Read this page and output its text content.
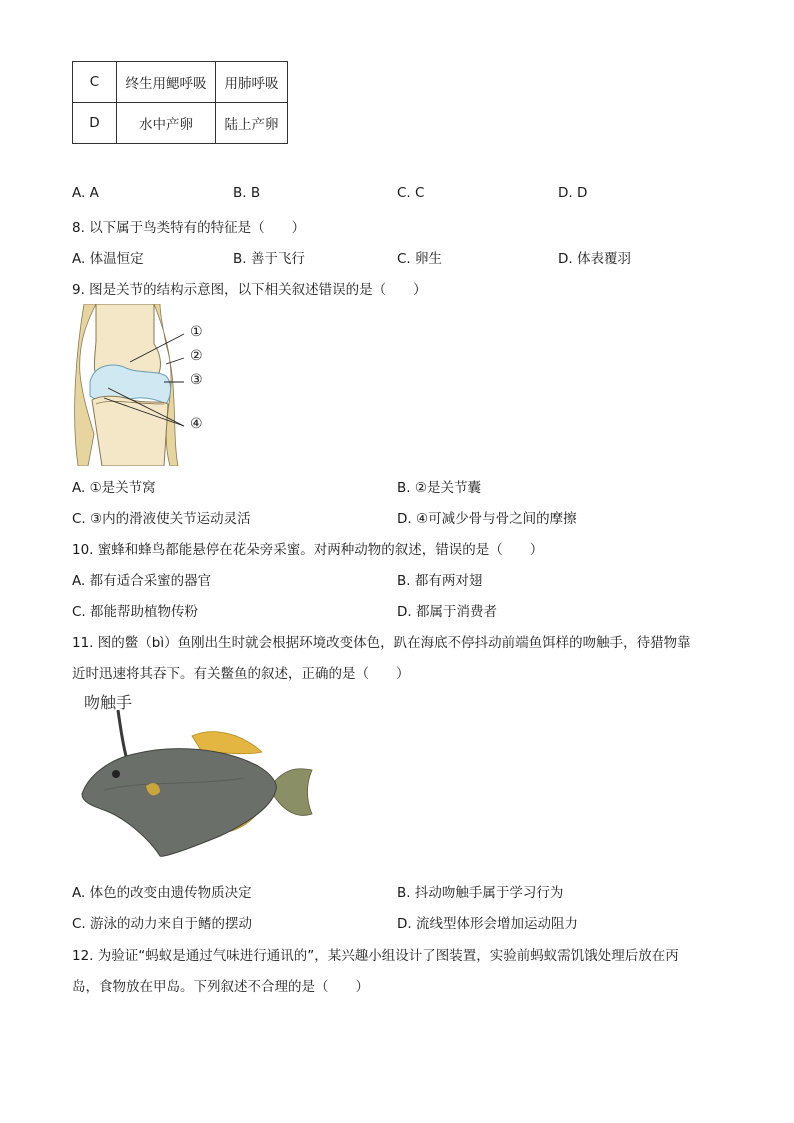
C	终生用鳃呼吸	用肺呼吸
D	水中产卵	陆上产卵
A. A	B. B	C. C	D. D
8. 以下属于鸟类特有的特征是（　　）
A. 体温恒定	B. 善于飞行	C. 卵生	D. 体表覆羽
9. 图是关节的结构示意图，以下相关叙述错误的是（　　）
①
②
③
④
A. ①是关节窝	B. ②是关节囊
C. ③内的滑液使关节运动灵活	D. ④可减少骨与骨之间的摩擦
10. 蜜蜂和蜂鸟都能悬停在花朵旁采蜜。对两种动物的叙述，错误的是（　　）
A. 都有适合采蜜的器官	B. 都有两对翅
C. 都能帮助植物传粉	D. 都属于消费者
11. 图的鳖（bì）鱼刚出生时就会根据环境改变体色，趴在海底不停抖动前端鱼饵样的吻触手，待猎物靠
近时迅速将其吞下。有关鳖鱼的叙述，正确的是（　　）
吻触手
A. 体色的改变由遗传物质决定	B. 抖动吻触手属于学习行为
C. 游泳的动力来自于鳍的摆动	D. 流线型体形会增加运动阻力
12. 为验证“蚂蚁是通过气味进行通讯的”，某兴趣小组设计了图装置，实验前蚂蚁需饥饿处理后放在丙
岛，食物放在甲岛。下列叙述不合理的是（　　）
